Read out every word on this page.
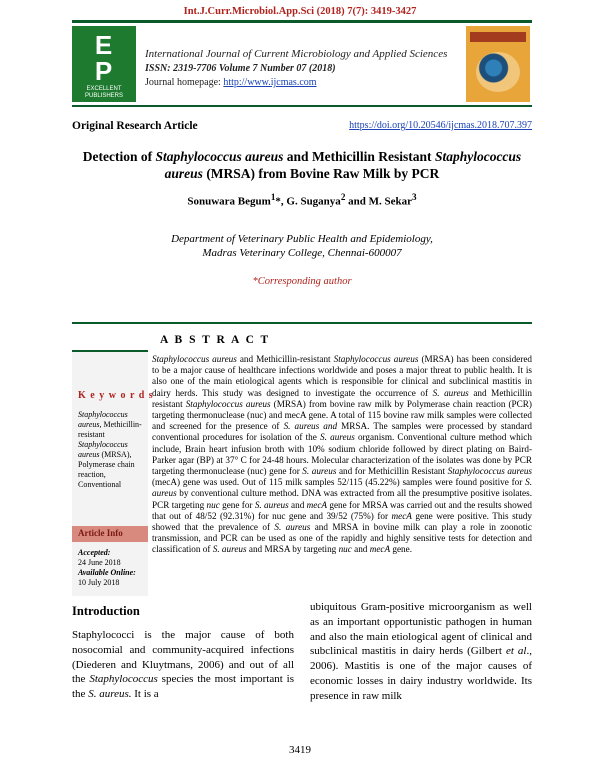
Int.J.Curr.Microbiol.App.Sci (2018) 7(7): 3419-3427
E
P
EXCELLENT PUBLISHERS
International Journal of Current Microbiology and Applied Sciences
ISSN: 2319-7706 Volume 7 Number 07 (2018)
Journal homepage: http://www.ijcmas.com
Original Research Article	https://doi.org/10.20546/ijcmas.2018.707.397
Detection of Staphylococcus aureus and Methicillin Resistant Staphylococcus aureus (MRSA) from Bovine Raw Milk by PCR
Sonuwara Begum$^1$*, G. Suganya$^2$ and M. Sekar$^3$
Department of Veterinary Public Health and Epidemiology,
Madras Veterinary College, Chennai-600007
*Corresponding author
A B S T R A C T
K e y w o r d s
Staphylococcus aureus, Methicillin-resistant Staphylococcus aureus (MRSA), Polymerase chain reaction, Conventional
Article Info
Accepted:
24 June 2018
Available Online:
10 July 2018
Staphylococcus aureus and Methicillin-resistant Staphylococcus aureus (MRSA) has been considered to be a major cause of healthcare infections worldwide and poses a major threat to public health. It is also one of the main etiological agents which is responsible for clinical and subclinical mastitis in dairy herds. This study was designed to investigate the occurrence of S. aureus and Methicillin resistant Staphylococcus aureus (MRSA) from bovine raw milk by Polymerase chain reaction (PCR) targeting thermonuclease (nuc) and mecA gene. A total of 115 bovine raw milk samples were collected and screened for the presence of S. aureus and MRSA. The samples were processed by standard conventional procedures for isolation of the S. aureus organism. Conventional culture method which include, Brain heart infusion broth with 10% sodium chloride followed by direct plating on Baird-Parker agar (BP) at 37° C for 24-48 hours. Molecular characterization of the isolates was done by PCR targeting thermonuclease (nuc) gene for S. aureus and for Methicillin Resistant Staphylococcus aureus (mecA) gene was used. Out of 115 milk samples 52/115 (45.22%) samples were found positive for S. aureus by conventional culture method. DNA was extracted from all the presumptive positive isolates. PCR targeting nuc gene for S. aureus and mecA gene for MRSA was carried out and the results showed that out of 48/52 (92.31%) for nuc gene and 39/52 (75%) for mecA gene were positive. This study showed that the prevalence of S. aureus and MRSA in bovine milk can play a role in zoonotic transmission, and PCR can be used as one of the rapidly and highly sensitive tests for detection and classification of S. aureus and MRSA by targeting nuc and mecA gene.
Introduction
Staphylococci is the major cause of both nosocomial and community-acquired infections (Diederen and Kluytmans, 2006) and out of all the Staphylococcus species the most important is the S. aureus. It is a
ubiquitous Gram-positive microorganism as well as an important opportunistic pathogen in human and also the main etiological agent of clinical and subclinical mastitis in dairy herds (Gilbert et al., 2006). Mastitis is one of the major causes of economic losses in dairy industry worldwide. Its presence in raw milk
3419
